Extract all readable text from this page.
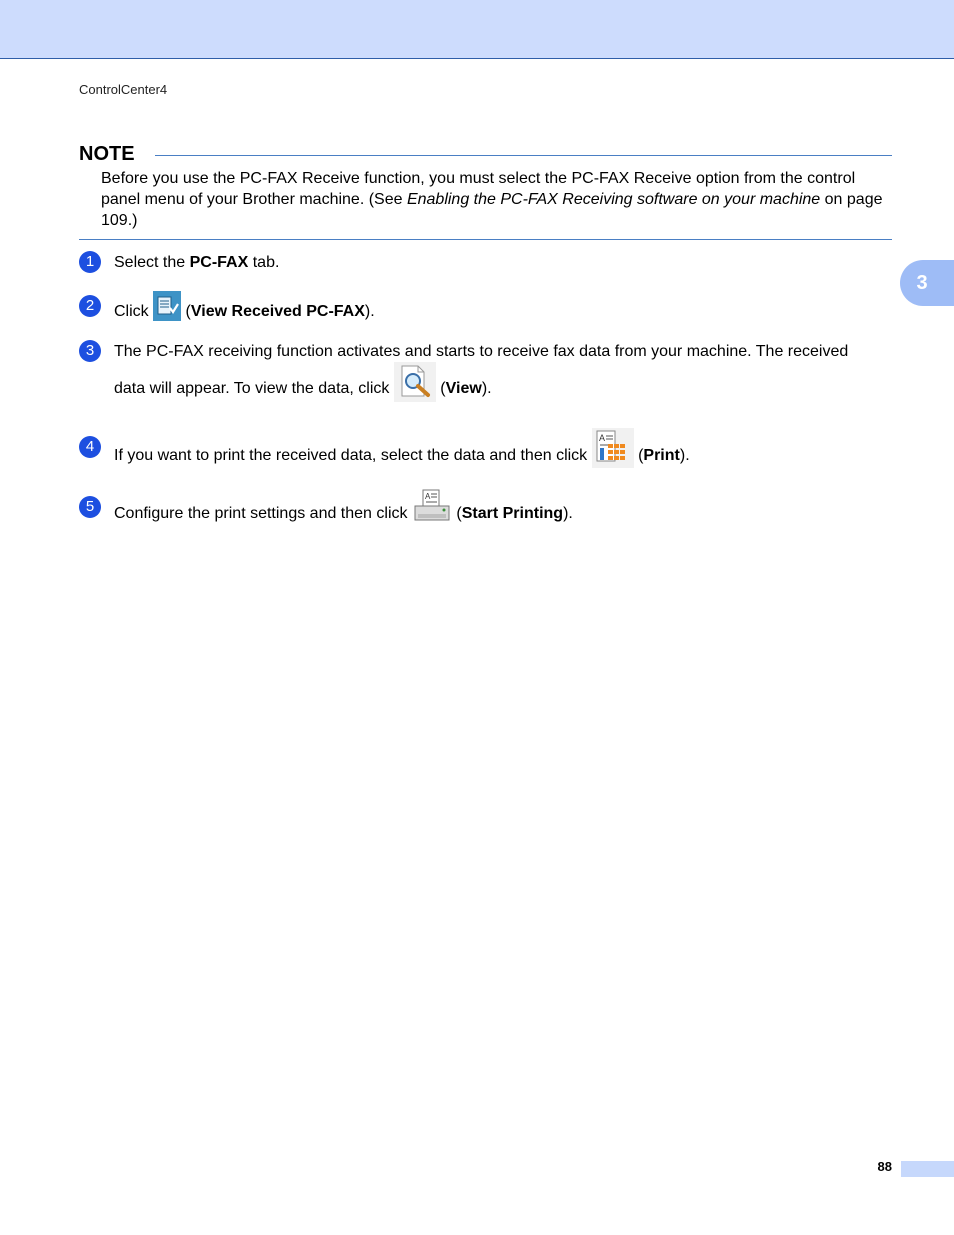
ControlCenter4
3
NOTE
Before you use the PC-FAX Receive function, you must select the PC-FAX Receive option from the control panel menu of your Brother machine. (See Enabling the PC-FAX Receiving software on your machine on page 109.)
1	Select the PC-FAX tab.
2	Click  (View Received PC-FAX).
3	The PC-FAX receiving function activates and starts to receive fax data from your machine. The received
data will appear. To view the data, click	(View).
4
If you want to print the received data, select the data and then click
A
(Print).
5	Configure the print settings and then click
A
(Start Printing).
88
